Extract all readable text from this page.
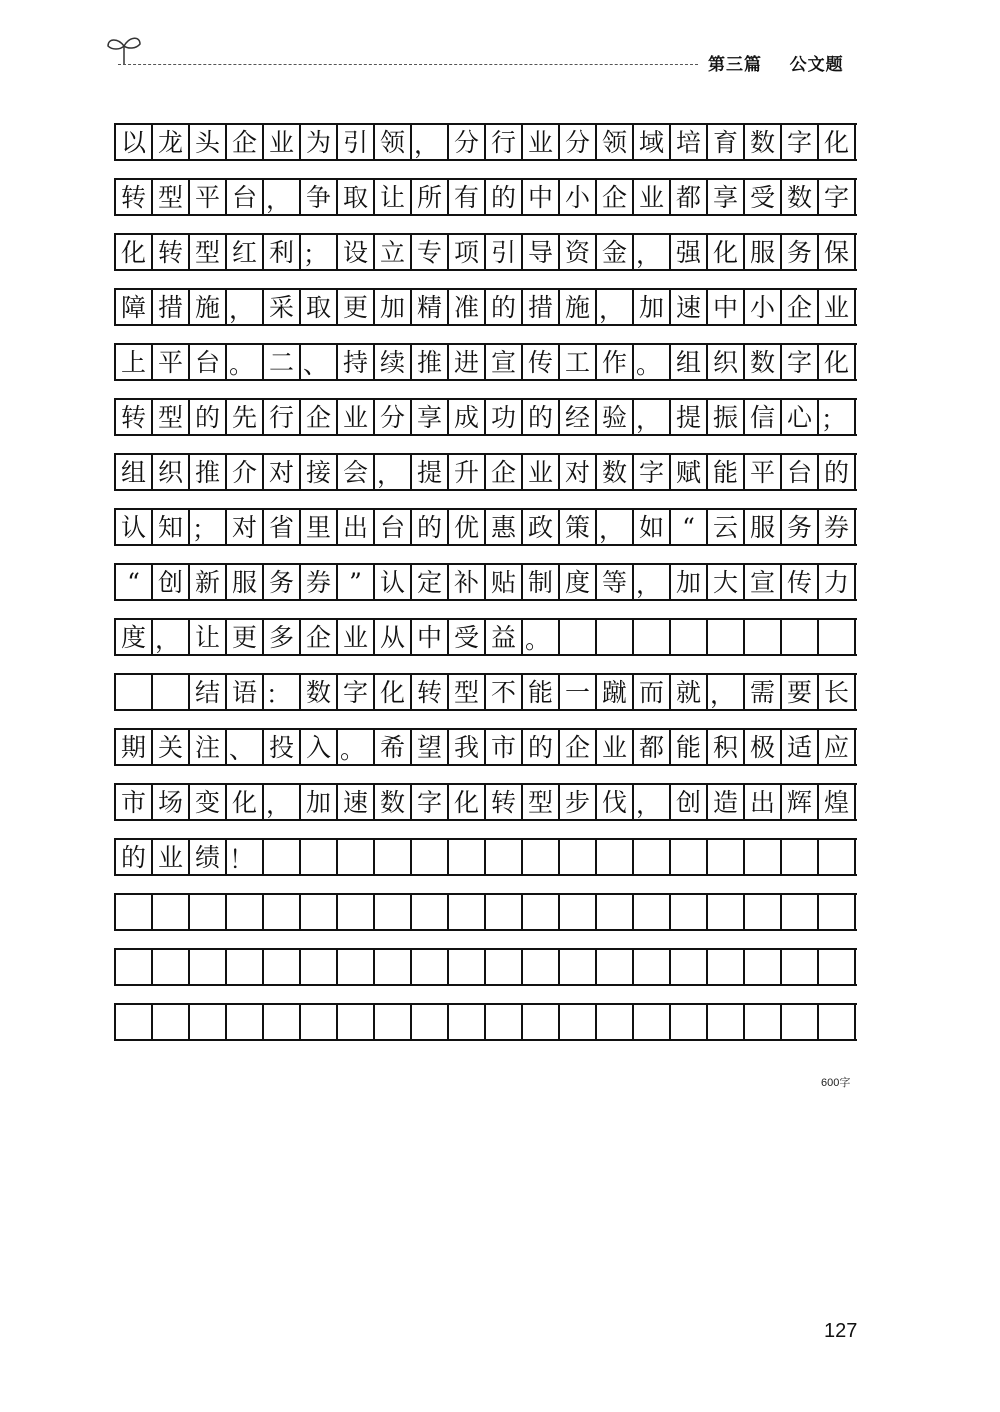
第三篇    公文题
以 龙 头 企 业 为 引 领 ， 分 行 业 分 领 域 培 育 数 字 化
转 型 平 台 ， 争 取 让 所 有 的 中 小 企 业 都 享 受 数 字
化 转 型 红 利 ； 设 立 专 项 引 导 资 金 ， 强 化 服 务 保
障 措 施 ， 采 取 更 加 精 准 的 措 施 ， 加 速 中 小 企 业
上 平 台 。 二 、 持 续 推 进 宣 传 工 作 。 组 织 数 字 化
转 型 的 先 行 企 业 分 享 成 功 的 经 验 ， 提 振 信 心 ；
组 织 推 介 对 接 会 ， 提 升 企 业 对 数 字 赋 能 平 台 的
认 知 ； 对 省 里 出 台 的 优 惠 政 策 ， 如 “ 云 服 务 券
“ 创 新 服 务 券 ” 认 定 补 贴 制 度 等 ， 加 大 宣 传 力
度 ， 让 更 多 企 业 从 中 受 益 。
结 语 ： 数 字 化 转 型 不 能 一 蹴 而 就 ， 需 要 长
期 关 注 、 投 入 。 希 望 我 市 的 企 业 都 能 积 极 适 应
市 场 变 化 ， 加 速 数 字 化 转 型 步 伐 ， 创 造 出 辉 煌
的 业 绩 ！
600字
127
